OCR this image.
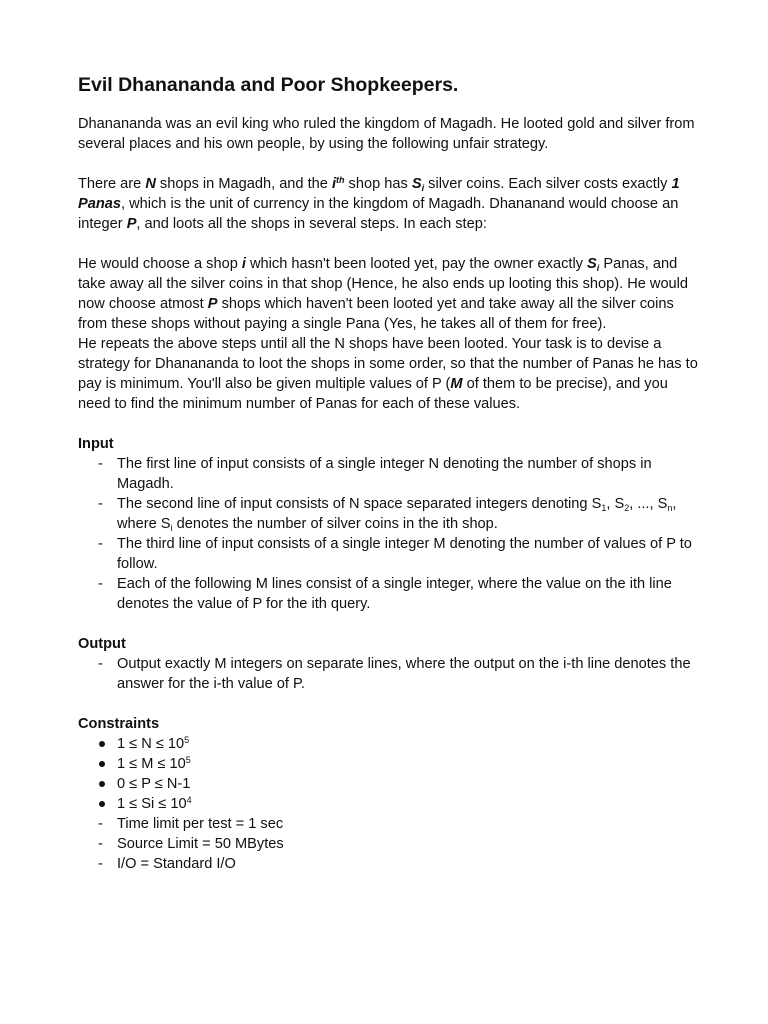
Evil Dhanananda and Poor Shopkeepers.

Dhanananda was an evil king who ruled the kingdom of Magadh. He looted gold and silver from several places and his own people, by using the following unfair strategy.

There are N shops in Magadh, and the $i^{th}$ shop has $S_i$ silver coins. Each silver costs exactly 1 Panas, which is the unit of currency in the kingdom of Magadh. Dhananand would choose an integer P, and loots all the shops in several steps. In each step:

He would choose a shop i which hasn't been looted yet, pay the owner exactly $S_i$ Panas, and take away all the silver coins in that shop (Hence, he also ends up looting this shop). He would now choose atmost P shops which haven't been looted yet and take away all the silver coins from these shops without paying a single Pana (Yes, he takes all of them for free).

He repeats the above steps until all the N shops have been looted. Your task is to devise a strategy for Dhanananda to loot the shops in some order, so that the number of Panas he has to pay is minimum. You'll also be given multiple values of P (M of them to be precise), and you need to find the minimum number of Panas for each of these values.

Input
- The first line of input consists of a single integer N denoting the number of shops in Magadh.
- The second line of input consists of N space separated integers denoting $S_1$, $S_2$, ..., $S_n$, where $S_i$ denotes the number of silver coins in the ith shop.
- The third line of input consists of a single integer M denoting the number of values of P to follow.
- Each of the following M lines consist of a single integer, where the value on the ith line denotes the value of P for the ith query.
Output
- Output exactly M integers on separate lines, where the output on the i-th line denotes the answer for the i-th value of P.
Constraints
$1 \le N \le 10^5$
$1 \le M \le 10^5$
0 ≤ P ≤ N-1
$1 \le Si \le 10^4$
- Time limit per test = 1 sec
- Source Limit = 50 MBytes
- I/O = Standard I/O
